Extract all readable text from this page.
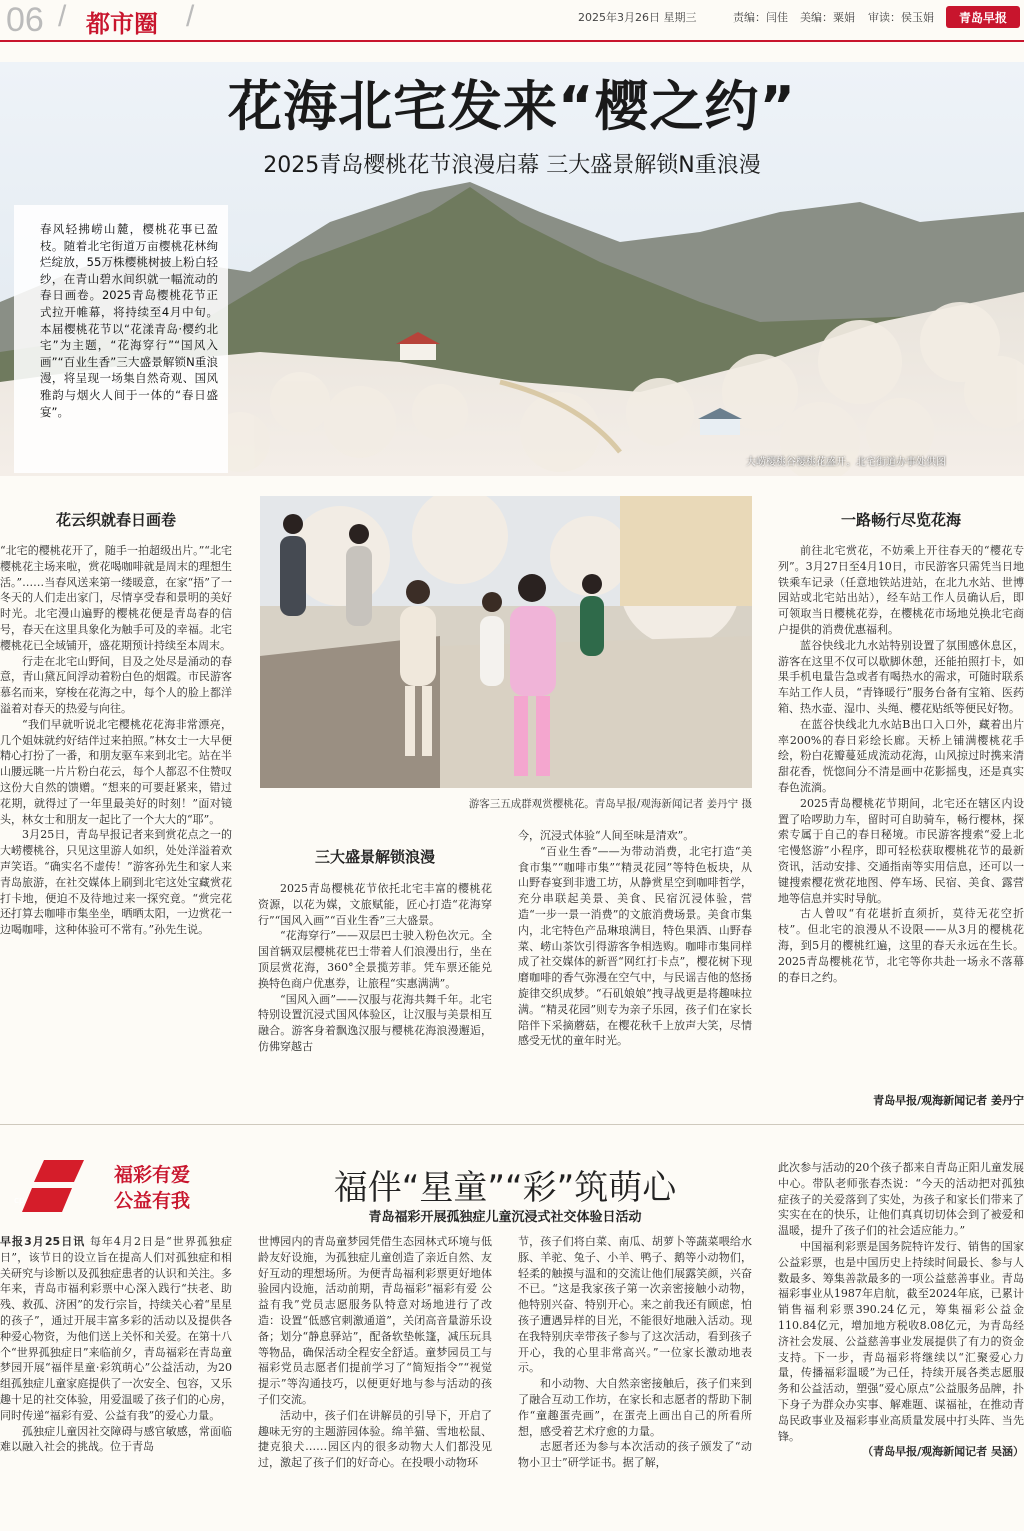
06 / 都市圈 /	2025年3月26日 星期三	责编：闫佳 美编：粟娟 审读：侯玉娟	青岛早报
花海北宅发来“樱之约”
2025青岛樱桃花节浪漫启幕 三大盛景解锁N重浪漫
春风轻拂崂山麓，樱桃花事已盈枝。随着北宅街道万亩樱桃花林绚烂绽放，55万株樱桃树披上粉白轻纱，在青山碧水间织就一幅流动的春日画卷。2025青岛樱桃花节正式拉开帷幕，将持续至4月中旬。本届樱桃花节以“花漾青岛·樱约北宅”为主题，“花海穿行”“国风入画”“百业生香”三大盛景解锁N重浪漫，将呈现一场集自然奇观、国风雅韵与烟火人间于一体的“春日盛宴”。
大崂樱桃谷樱桃花盛开。北宅街道办事处供图
花云织就春日画卷

“北宅的樱桃花开了，随手一拍超级出片。”“北宅樱桃花主场来啦，赏花喝咖啡就是周末的理想生活。”……当春风送来第一缕暖意，在家“捂”了一冬天的人们走出家门，尽情享受春和景明的美好时光。北宅漫山遍野的樱桃花便是青岛春的信号，春天在这里具象化为触手可及的幸福。北宅樱桃花已全域铺开，盛花期预计持续至本周末。

行走在北宅山野间，目及之处尽是涌动的春意，青山黛瓦间浮动着粉白色的烟霞。市民游客慕名而来，穿梭在花海之中，每个人的脸上都洋溢着对春天的热爱与向往。

“我们早就听说北宅樱桃花花海非常漂亮，几个姐妹就约好结伴过来拍照。”林女士一大早便精心打扮了一番，和朋友驱车来到北宅。站在半山腰远眺一片片粉白花云，每个人都忍不住赞叹这份大自然的馈赠。“想来的可要赶紧来，错过花期，就得过了一年里最美好的时刻！”面对镜头，林女士和朋友一起比了一个大大的“耶”。

3月25日，青岛早报记者来到赏花点之一的大崂樱桃谷，只见这里游人如织，处处洋溢着欢声笑语。“确实名不虚传！”游客孙先生和家人来青岛旅游，在社交媒体上刷到北宅这处宝藏赏花打卡地，便迫不及待地过来一探究竟。“赏完花还打算去咖啡市集坐坐，晒晒太阳，一边赏花一边喝咖啡，这种体验可不常有。”孙先生说。

游客三五成群观赏樱桃花。青岛早报/观海新闻记者 姜丹宁 摄
三大盛景解锁浪漫

2025青岛樱桃花节依托北宅丰富的樱桃花资源，以花为媒，文旅赋能，匠心打造“花海穿行”“国风入画”“百业生香”三大盛景。

“花海穿行”——双层巴士驶入粉色次元。全国首辆双层樱桃花巴士带着人们浪漫出行，坐在顶层赏花海，360°全景揽芳菲。凭车票还能兑换特色商户优惠券，让旅程“实惠满满”。

“国风入画”——汉服与花海共舞千年。北宅特别设置沉浸式国风体验区，让汉服与美景相互融合。游客身着飘逸汉服与樱桃花海浪漫邂逅，仿佛穿越古

今，沉浸式体验“人间至味是清欢”。

“百业生香”——为带动消费，北宅打造“美食市集”“咖啡市集”“精灵花园”等特色板块，从山野春宴到非遗工坊，从静赏星空到咖啡哲学，充分串联起美景、美食、民宿沉浸体验，营造“一步一景一消费”的文旅消费场景。美食市集内，北宅特色产品琳琅满目，特色果酒、山野春菜、崂山茶饮引得游客争相选购。咖啡市集同样成了社交媒体的新晋“网红打卡点”，樱花树下现磨咖啡的香气弥漫在空气中，与民谣吉他的悠扬旋律交织成梦。“石矶娘娘”拽寻战更是将趣味拉满。“精灵花园”则专为亲子乐园，孩子们在家长陪伴下采摘蘑菇，在樱花秋千上放声大笑，尽情感受无忧的童年时光。

一路畅行尽览花海

前往北宅赏花，不妨乘上开往春天的“樱花专列”。3月27日至4月10日，市民游客只需凭当日地铁乘车记录（任意地铁站进站，在北九水站、世博园站或北宅站出站），经车站工作人员确认后，即可领取当日樱桃花券，在樱桃花市场地兑换北宅商户提供的消费优惠福利。

蓝谷快线北九水站特别设置了氛围感休息区，游客在这里不仅可以歇脚休憩，还能拍照打卡，如果手机电量告急或者有喝热水的需求，可随时联系车站工作人员，“青锋暖行”服务台备有宝箱、医药箱、热水壶、湿巾、头绳、樱花贴纸等便民好物。

在蓝谷快线北九水站B出口入口外，藏着出片率200%的春日彩绘长廊。天桥上铺满樱桃花手绘，粉白花瓣蔓延成流动花海，山风掠过时携来清甜花香，恍惚间分不清是画中花影摇曳，还是真实春色流淌。

2025青岛樱桃花节期间，北宅还在辖区内设置了哈啰助力车，留时可自助骑车，畅行樱林，探索专属于自己的春日秘境。市民游客搜索“爱上北宅慢悠游”小程序，即可轻松获取樱桃花节的最新资讯，活动安排、交通指南等实用信息，还可以一键搜索樱花赏花地图、停车场、民宿、美食、露营地等信息并实时导航。

古人曾叹“有花堪折直须折，莫待无花空折枝”。但北宅的浪漫从不设限——从3月的樱桃花海，到5月的樱桃红遍，这里的春天永远在生长。2025青岛樱桃花节，北宅等你共赴一场永不落幕的春日之约。

青岛早报/观海新闻记者 姜丹宁
cp
福彩有爱
公益有我	福伴“星童”“彩”筑萌心
青岛福彩开展孤独症儿童沉浸式社交体验日活动

早报3月25日讯 每年4月2日是“世界孤独症日”，该节日的设立旨在提高人们对孤独症和相关研究与诊断以及孤独症患者的认识和关注。多年来，青岛市福利彩票中心深入践行“扶老、助残、救孤、济困”的发行宗旨，持续关心着“星星的孩子”，通过开展丰富多彩的活动以及提供各种爱心物资，为他们送上关怀和关爱。在第十八个“世界孤独症日”来临前夕，青岛福彩在青岛童梦园开展“福伴星童·彩筑萌心”公益活动，为20组孤独症儿童家庭提供了一次安全、包容，又乐趣十足的社交体验，用爱温暖了孩子们的心房，同时传递“福彩有爱、公益有我”的爱心力量。

孤独症儿童因社交障碍与感官敏感，常面临难以融入社会的挑战。位于青岛

世博园内的青岛童梦园凭借生态园林式环境与低龄友好设施，为孤独症儿童创造了亲近自然、友好互动的理想场所。为便青岛福利彩票更好地体验园内设施，活动前期，青岛福彩“福彩有爱 公益有我”党员志愿服务队特意对场地进行了改造：设置“低感官刺激通道”，关闭高音量游乐设备；划分“静息驿站”，配备软垫帐篷，减压玩具等物品，确保活动全程安全舒适。童梦园员工与福彩党员志愿者们提前学习了“简短指令”“视觉提示”等沟通技巧，以便更好地与参与活动的孩子们交流。

活动中，孩子们在讲解员的引导下，开启了趣味无穷的主题游园体验。绵羊猫、雪地松鼠、捷克狼犬……园区内的很多动物大人们都没见过，激起了孩子们的好奇心。在投喂小动物环

节，孩子们将白菜、南瓜、胡萝卜等蔬菜喂给水豚、羊驼、兔子、小羊、鸭子、鹅等小动物们，轻柔的触摸与温和的交流让他们展露笑颜，兴奋不已。“这是我家孩子第一次亲密接触小动物，他特别兴奋、特别开心。来之前我还有顾虑，怕孩子遭遇异样的目光，不能很好地融入活动。现在我特别庆幸带孩子参与了这次活动，看到孩子开心，我的心里非常高兴。”一位家长激动地表示。

和小动物、大自然亲密接触后，孩子们来到了融合互动工作坊，在家长和志愿者的帮助下制作“童趣蛋壳画”，在蛋壳上画出自己的所看所想，感受着艺术疗愈的力量。

志愿者还为参与本次活动的孩子颁发了“动物小卫士”研学证书。据了解，

此次参与活动的20个孩子都来自青岛正阳儿童发展中心。带队老师张春杰说：“今天的活动把对孤独症孩子的关爱落到了实处，为孩子和家长们带来了实实在在的快乐，让他们真真切切体会到了被爱和温暖，提升了孩子们的社会适应能力。”

中国福利彩票是国务院特许发行、销售的国家公益彩票，也是中国历史上持续时间最长、参与人数最多、筹集善款最多的一项公益慈善事业。青岛福彩事业从1987年启航，截至2024年底，已累计销售福利彩票390.24亿元，筹集福彩公益金110.84亿元，增加地方税收8.08亿元，为青岛经济社会发展、公益慈善事业发展提供了有力的资金支持。下一步，青岛福彩将继续以“汇聚爱心力量，传播福彩温暖”为己任，持续开展各类志愿服务和公益活动，塑强“爱心原点”公益服务品牌，扑下身子为群众办实事、解难题、谋福祉，在推动青岛民政事业及福彩事业高质量发展中打头阵、当先锋。

（青岛早报/观海新闻记者 吴涵）
